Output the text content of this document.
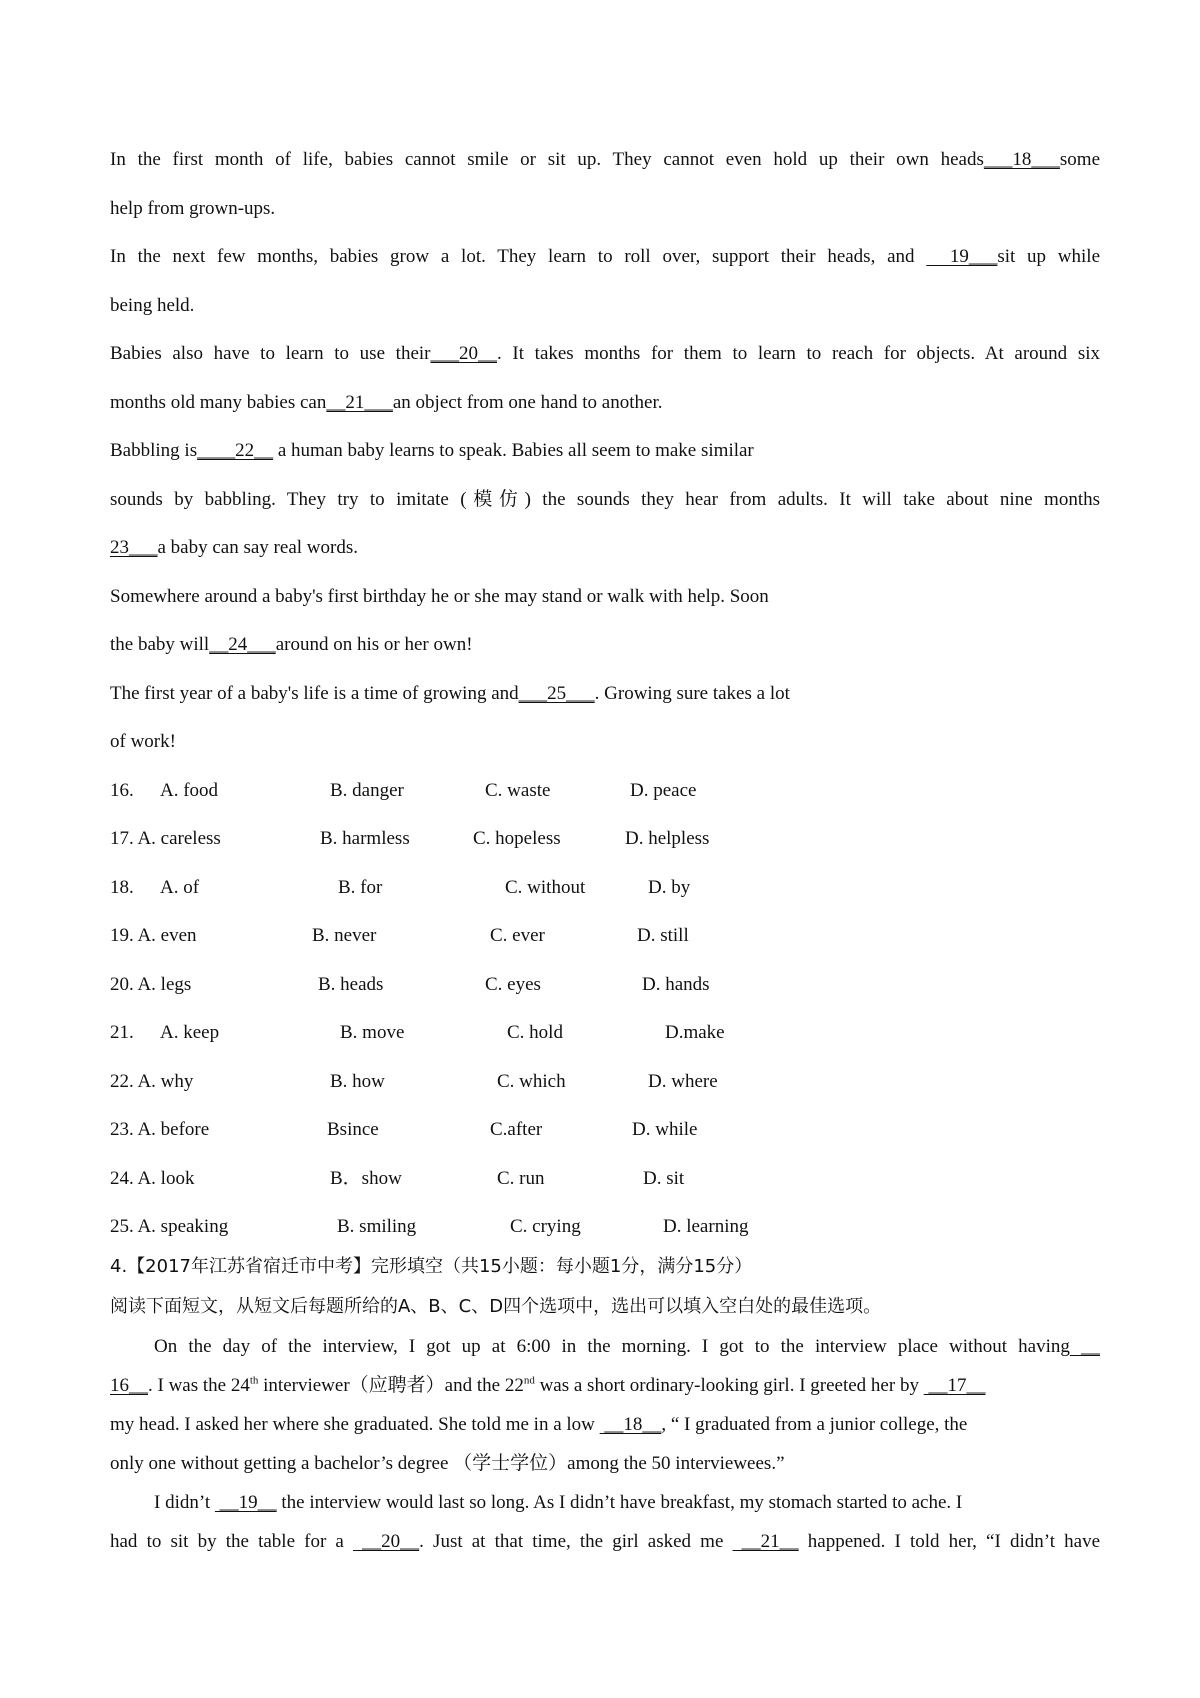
In the first month of life, babies cannot smile or sit up. They cannot even hold up their own heads___18___some
help from grown-ups.
In the next few months, babies grow a lot. They learn to roll over, support their heads, and   19___sit up while
being held.
Babies also have to learn to use their___20__. It takes months for them to learn to reach for objects. At around six
months old many babies can__21___an object from one hand to another.
Babbling is____22__ a human baby learns to speak. Babies all seem to make similar
sounds by babbling. They try to imitate (模仿) the sounds they hear from adults. It will take about nine months
23___a baby can say real words.
Somewhere around a baby's first birthday he or she may stand or walk with help. Soon
the baby will__24___around on his or her own!
The first year of a baby's life is a time of growing and___25___. Growing sure takes a lot
of work!
16. A. food	B. danger	C. waste	D. peace
17. A. careless	B. harmless	C. hopeless	D. helpless
18. A. of	B. for	C. without	D. by
19. A. even	B. never	C. ever	D. still
20. A. legs	B. heads	C. eyes	D. hands
21. A. keep	B. move	C. hold	D.make
22. A. why	B. how	C. which	D. where
23. A. before	Bsince	C.after	D. while
24. A. look	B．show	C. run	D. sit
25. A. speaking	B. smiling	C. crying	D. learning
4.【2017年江苏省宿迁市中考】完形填空（共15小题：每小题1分，满分15分）
阅读下面短文，从短文后每题所给的A、B、C、D四个选项中，选出可以填入空白处的最佳选项。
On the day of the interview, I got up at 6:00 in the morning. I got to the interview place without having __
16__. I was the 24th interviewer（应聘者）and the 22nd was a short ordinary-looking girl. I greeted her by  __17__
my head. I asked her where she graduated. She told me in a low  __18__, “ I graduated from a junior college, the
only one without getting a bachelor’s degree （学士学位）among the 50 interviewees.”
I didn’t  __19__ the interview would last so long. As I didn’t have breakfast, my stomach started to ache. I
had to sit by the table for a  __20__. Just at that time, the girl asked me  __21__ happened. I told her, “I didn’t have
